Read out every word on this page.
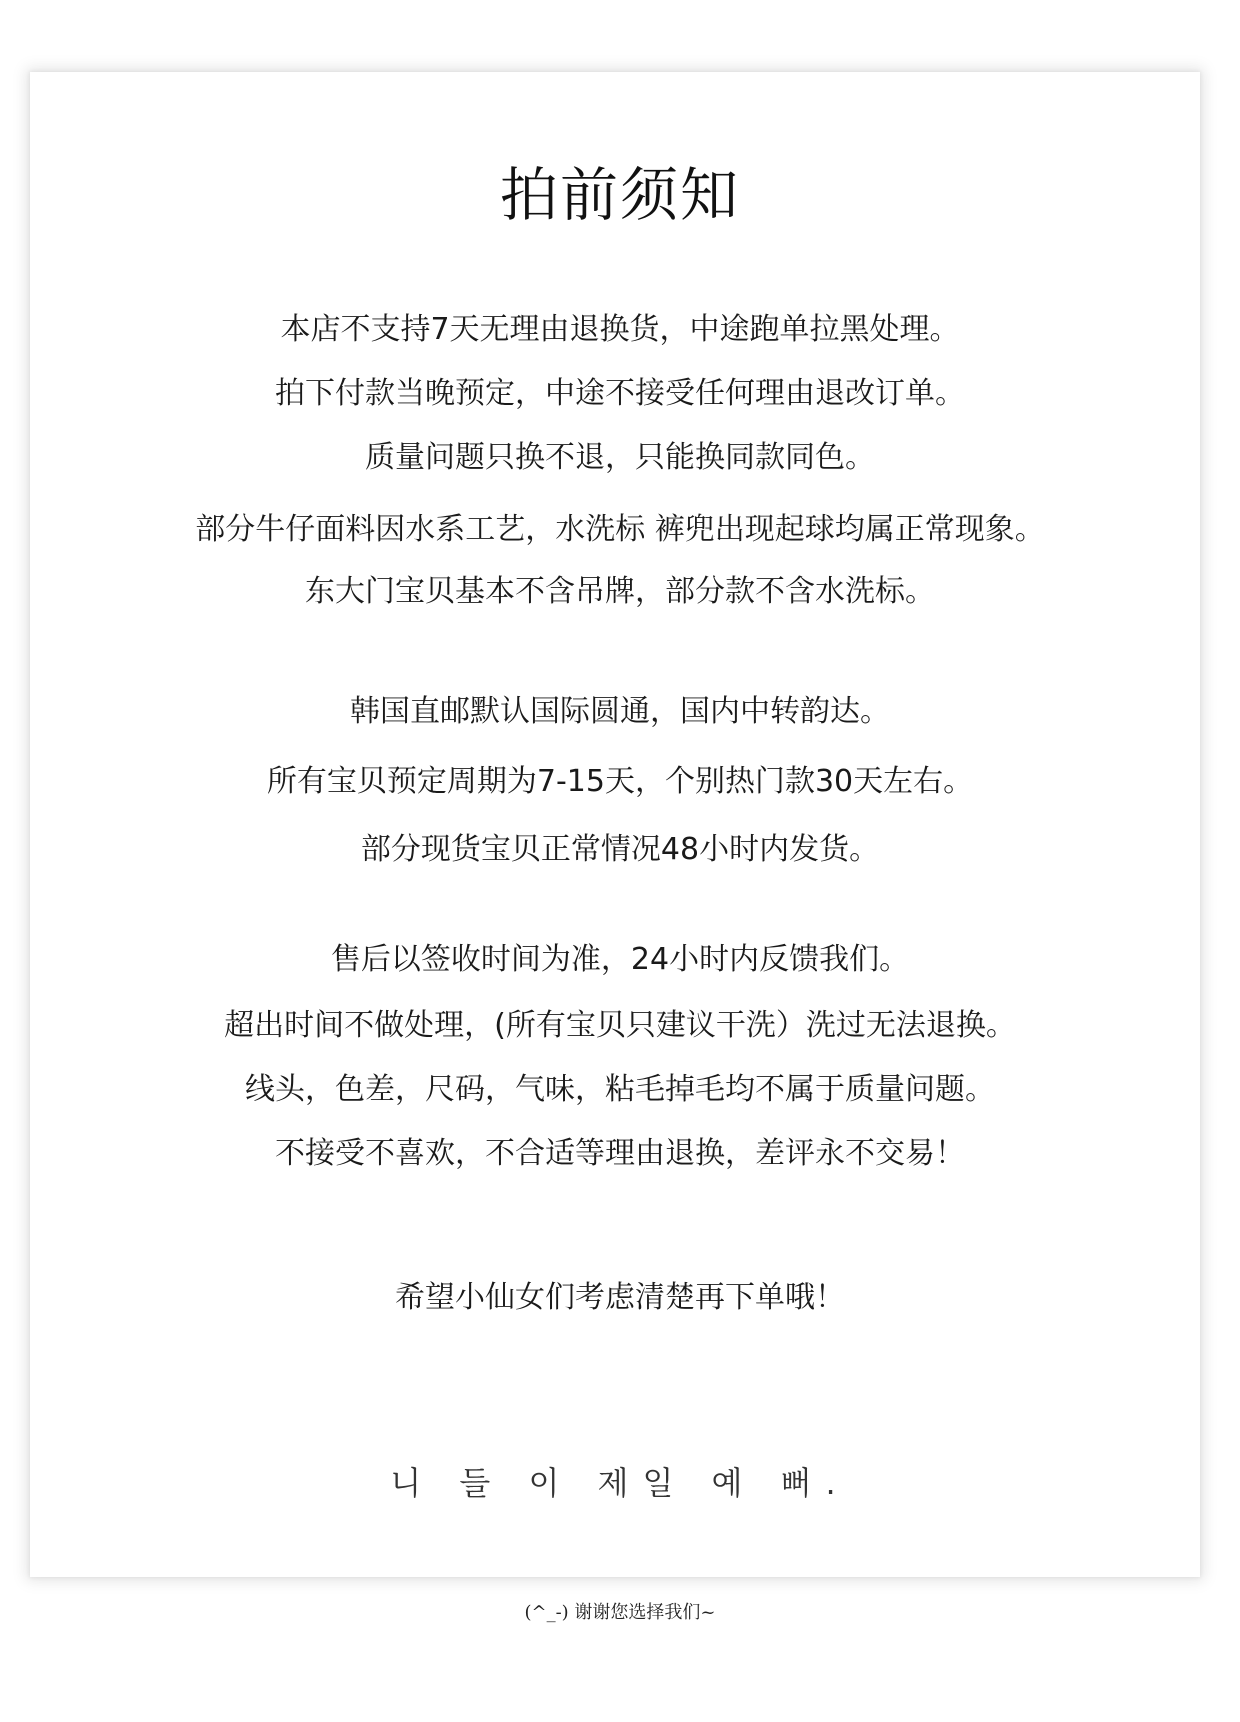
拍前须知
本店不支持7天无理由退换货，中途跑单拉黑处理。
拍下付款当晚预定，中途不接受任何理由退改订单。
质量问题只换不退，只能换同款同色。
部分牛仔面料因水系工艺，水洗标 裤兜出现起球均属正常现象。
东大门宝贝基本不含吊牌，部分款不含水洗标。
韩国直邮默认国际圆通，国内中转韵达。
所有宝贝预定周期为7-15天，个别热门款30天左右。
部分现货宝贝正常情况48小时内发货。
售后以签收时间为准，24小时内反馈我们。
超出时间不做处理，(所有宝贝只建议干洗）洗过无法退换。
线头，色差，尺码，气味，粘毛掉毛均不属于质量问题。
不接受不喜欢，不合适等理由退换，差评永不交易！
希望小仙女们考虑清楚再下单哦！
니 들 이 제일 예 뻐.
(^_-) 谢谢您选择我们~
